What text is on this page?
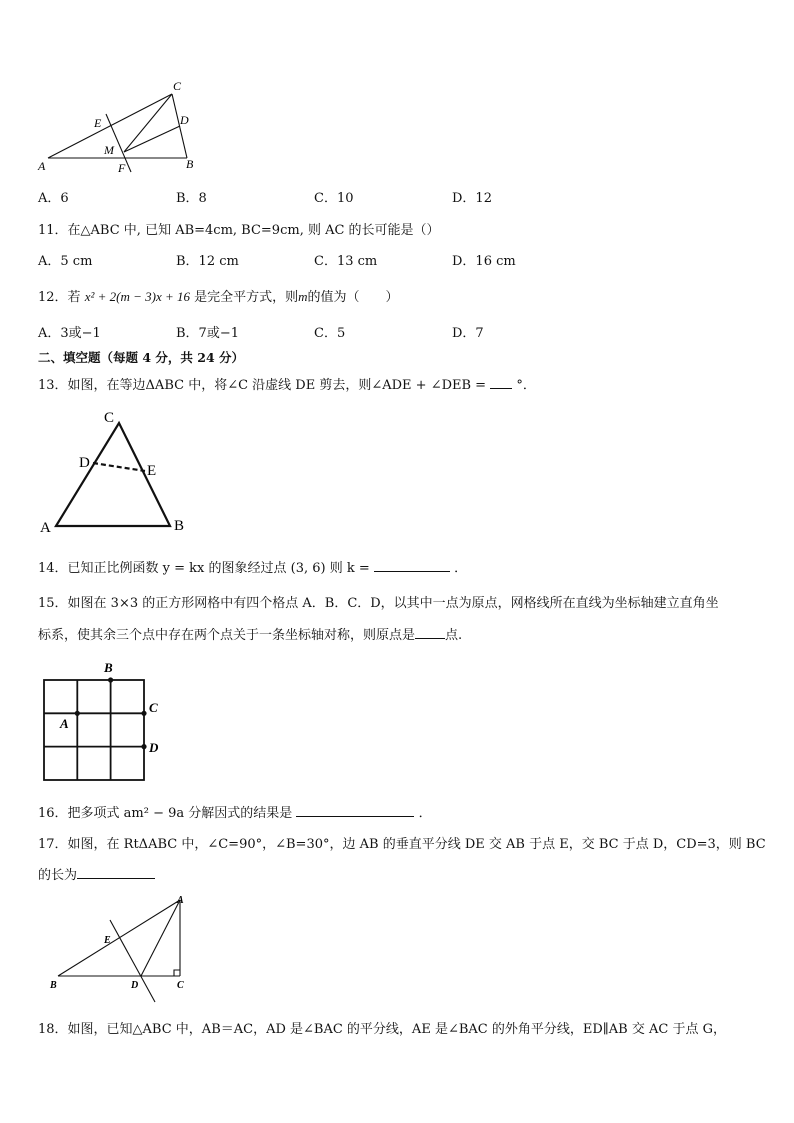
C
E	D
M
A	F	B
A．6	B．8	C．10	D．12
11．在△ABC 中, 已知 AB=4cm, BC=9cm, 则 AC 的长可能是（）
A．5 cm	B．12 cm	C．13 cm	D．16 cm
12．若 x² + 2(m − 3)x + 16 是完全平方式，则m的值为（　　）
A．3或−1	B．7或−1	C．5	D．7
二、填空题（每题 4 分，共 24 分）
13．如图，在等边ΔABC 中，将∠C 沿虚线 DE 剪去，则∠ADE + ∠DEB = °．
C
D	E
A	B
14．已知正比例函数 y = kx 的图象经过点 (3, 6) 则 k =	．
15．如图在 3×3 的正方形网格中有四个格点 A．B．C．D，以其中一点为原点，网格线所在直线为坐标轴建立直角坐
标系，使其余三个点中存在两个点关于一条坐标轴对称，则原点是 点.
B
A
C
D
16．把多项式 am² − 9a 分解因式的结果是	．
17．如图，在 RtΔABC 中，∠C=90°，∠B=30°，边 AB 的垂直平分线 DE 交 AB 于点 E，交 BC 于点 D，CD=3，则 BC
的长为
A
E
B	D	C
18．如图，已知△ABC 中，AB＝AC，AD 是∠BAC 的平分线，AE 是∠BAC 的外角平分线，ED∥AB 交 AC 于点 G，
